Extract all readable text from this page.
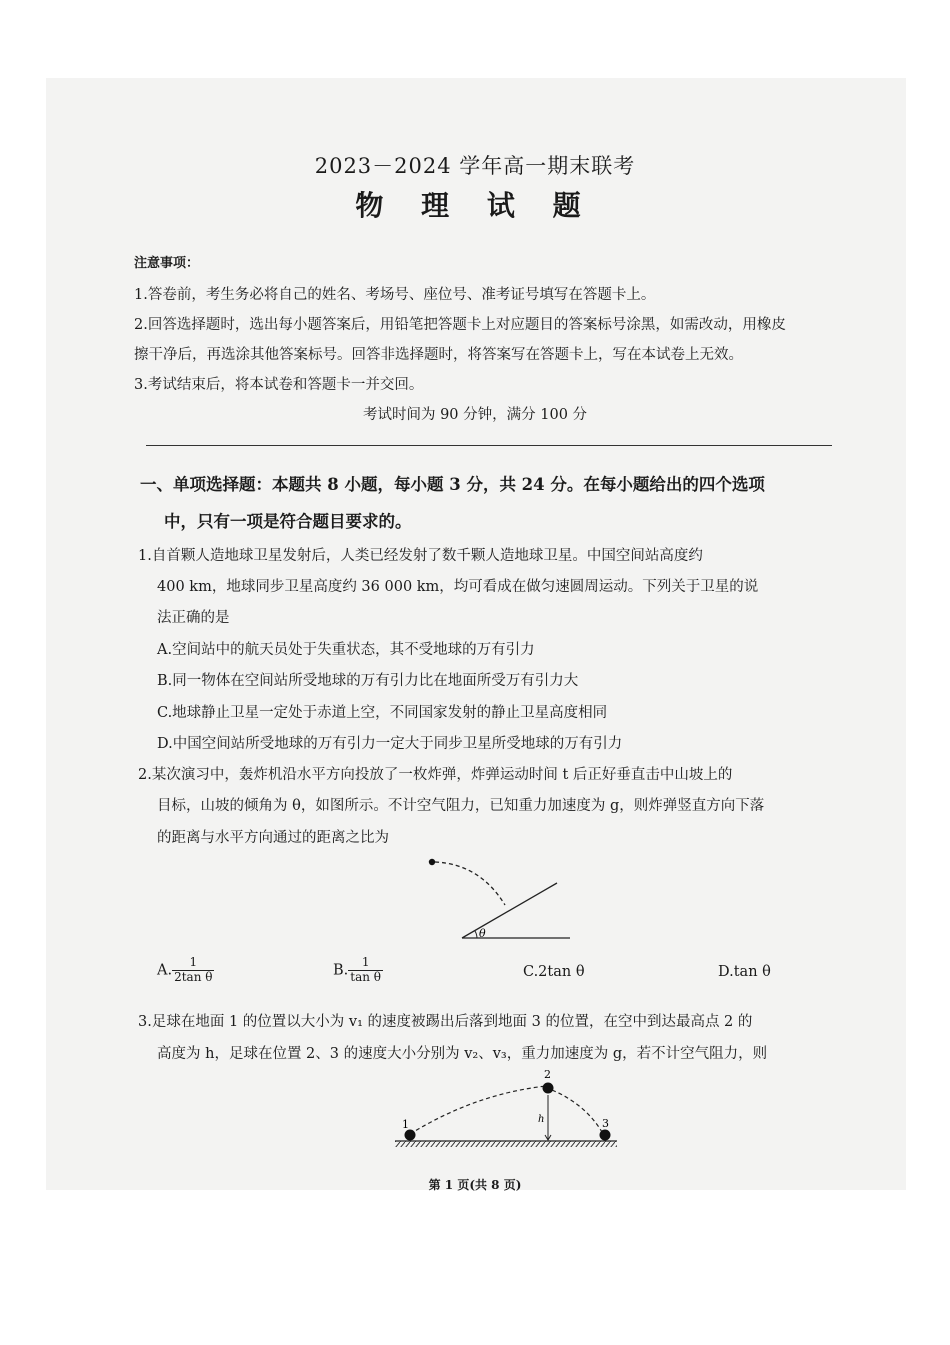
2023－2024 学年高一期末联考
物 理 试 题
注意事项：
1.答卷前，考生务必将自己的姓名、考场号、座位号、准考证号填写在答题卡上。
2.回答选择题时，选出每小题答案后，用铅笔把答题卡上对应题目的答案标号涂黑，如需改动，用橡皮
擦干净后，再选涂其他答案标号。回答非选择题时，将答案写在答题卡上，写在本试卷上无效。
3.考试结束后，将本试卷和答题卡一并交回。
考试时间为 90 分钟，满分 100 分
一、单项选择题：本题共 8 小题，每小题 3 分，共 24 分。在每小题给出的四个选项
中，只有一项是符合题目要求的。
1.自首颗人造地球卫星发射后，人类已经发射了数千颗人造地球卫星。中国空间站高度约
400 km，地球同步卫星高度约 36 000 km，均可看成在做匀速圆周运动。下列关于卫星的说
法正确的是
A.空间站中的航天员处于失重状态，其不受地球的万有引力
B.同一物体在空间站所受地球的万有引力比在地面所受万有引力大
C.地球静止卫星一定处于赤道上空，不同国家发射的静止卫星高度相同
D.中国空间站所受地球的万有引力一定大于同步卫星所受地球的万有引力
2.某次演习中，轰炸机沿水平方向投放了一枚炸弹，炸弹运动时间 t 后正好垂直击中山坡上的
目标，山坡的倾角为 θ，如图所示。不计空气阻力，已知重力加速度为 g，则炸弹竖直方向下落
的距离与水平方向通过的距离之比为
θ
A. $\frac{1}{\text{2tan θ}}$	B. $\frac{1}{\text{tan θ}}$	C.2tan θ	D.tan θ
3.足球在地面 1 的位置以大小为 v₁ 的速度被踢出后落到地面 3 的位置，在空中到达最高点 2 的
高度为 h，足球在位置 2、3 的速度大小分别为 v₂、v₃，重力加速度为 g，若不计空气阻力，则
1
2
3
h
第 1 页(共 8 页)
